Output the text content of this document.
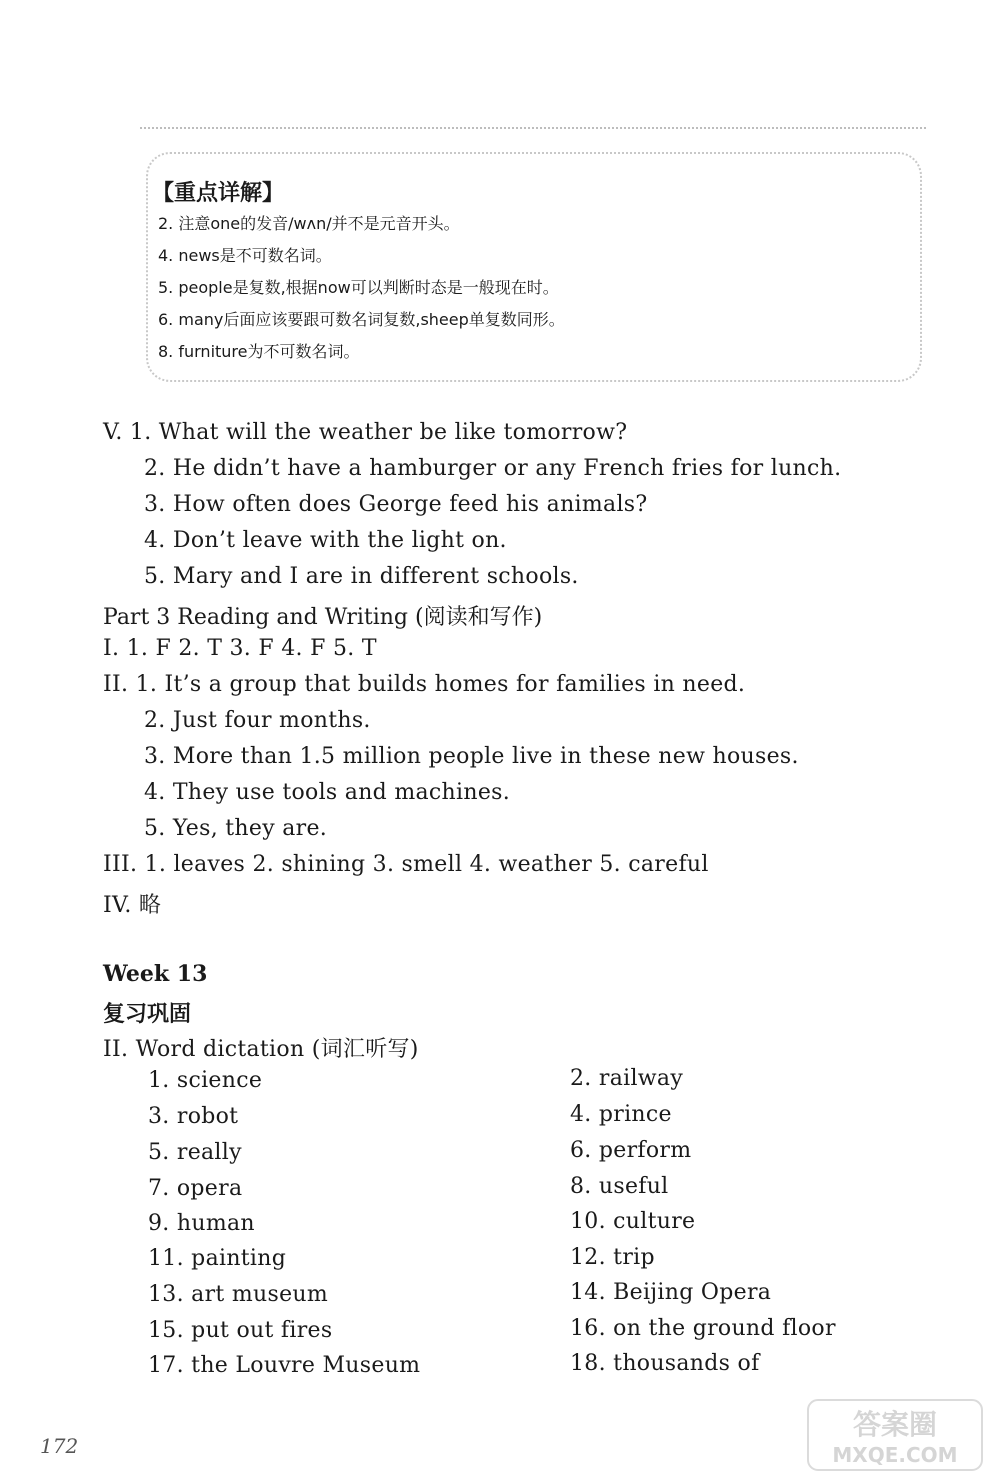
【重点详解】
2. 注意one的发音/wʌn/并不是元音开头。
4. news是不可数名词。
5. people是复数,根据now可以判断时态是一般现在时。
6. many后面应该要跟可数名词复数,sheep单复数同形。
8. furniture为不可数名词。
V. 1. What will the weather be like tomorrow?
2. He didn’t have a hamburger or any French fries for lunch.
3. How often does George feed his animals?
4. Don’t leave with the light on.
5. Mary and I are in different schools.
Part 3 Reading and Writing (阅读和写作)
I. 1. F 2. T 3. F 4. F 5. T
II. 1. It’s a group that builds homes for families in need.
2. Just four months.
3. More than 1.5 million people live in these new houses.
4. They use tools and machines.
5. Yes, they are.
III. 1. leaves 2. shining 3. smell 4. weather 5. careful
IV. 略
Week 13
复习巩固
II. Word dictation (词汇听写)
1. science
3. robot
5. really
7. opera
9. human
11. painting
13. art museum
15. put out fires
17. the Louvre Museum
2. railway
4. prince
6. perform
8. useful
10. culture
12. trip
14. Beijing Opera
16. on the ground floor
18. thousands of
172
答案圈
MXQE.COM
